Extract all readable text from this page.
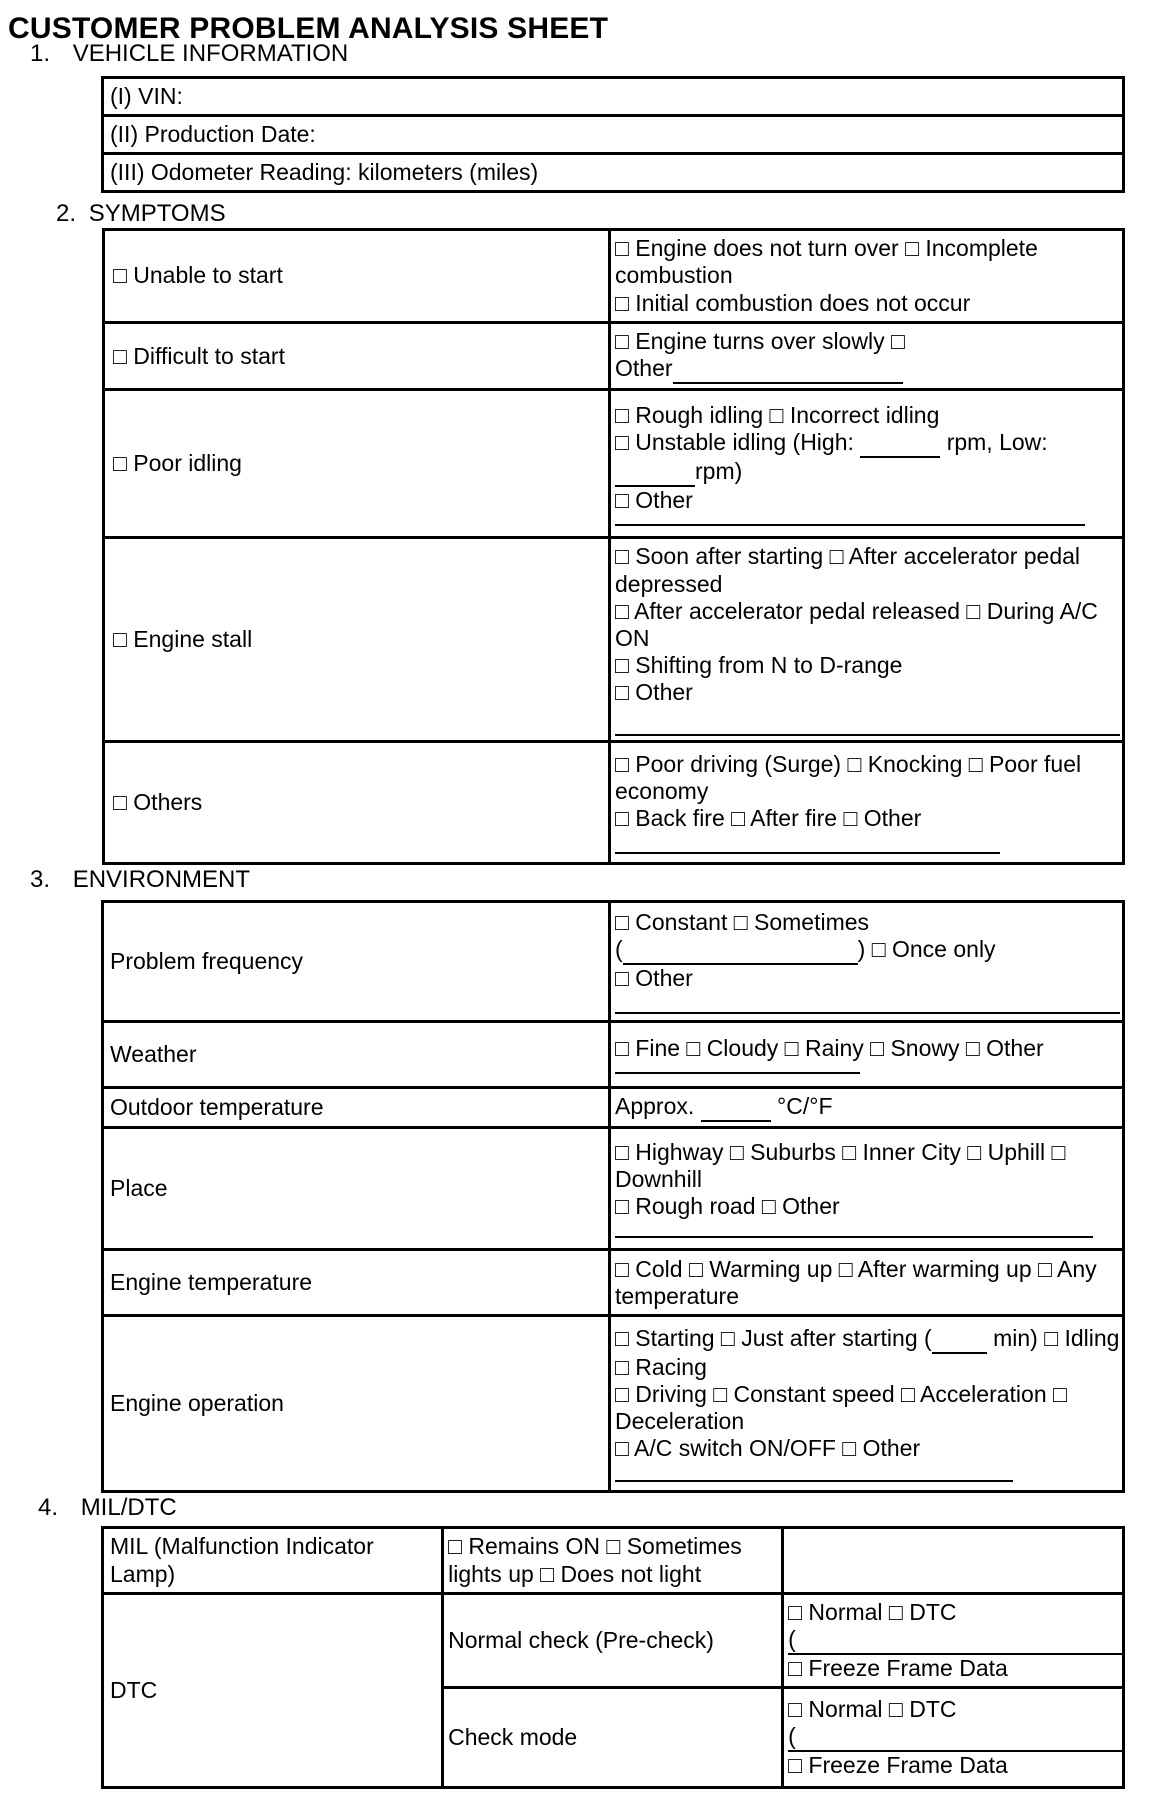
CUSTOMER PROBLEM ANALYSIS SHEET
1. VEHICLE INFORMATION
(I) VIN:
(II) Production Date:
(III) Odometer Reading: kilometers (miles)
2. SYMPTOMS
□ Unable to start	□ Engine does not turn over □ Incomplete combustion
□ Initial combustion does not occur

□ Difficult to start	□ Engine turns over slowly □
Other

□ Poor idling	□ Rough idling □ Incorrect idling
□ Unstable idling (High: rpm, Low:
rpm)
□ Other

□ Engine stall	□ Soon after starting □ After accelerator pedal depressed
□ After accelerator pedal released □ During A/C ON
□ Shifting from N to D-range
□ Other

□ Others	□ Poor driving (Surge) □ Knocking □ Poor fuel economy
□ Back fire □ After fire □ Other
3. ENVIRONMENT
Problem frequency	□ Constant □ Sometimes
( ) □ Once only
□ Other

Weather	□ Fine □ Cloudy □ Rainy □ Snowy □ Other

Outdoor temperature	Approx. °C/°F
Place	□ Highway □ Suburbs □ Inner City □ Uphill □ Downhill
□ Rough road □ Other

Engine temperature	□ Cold □ Warming up □ After warming up □ Any temperature

Engine operation	□ Starting □ Just after starting ( min) □ Idling □ Racing
□ Driving □ Constant speed □ Acceleration □ Deceleration
□ A/C switch ON/OFF □ Other
4. MIL/DTC
MIL (Malfunction Indicator Lamp)	□ Remains ON □ Sometimes lights up □ Does not light	
DTC	Normal check (Pre-check)	□ Normal □ DTC
(
□ Freeze Frame Data

	Check mode	□ Normal □ DTC
(
□ Freeze Frame Data
